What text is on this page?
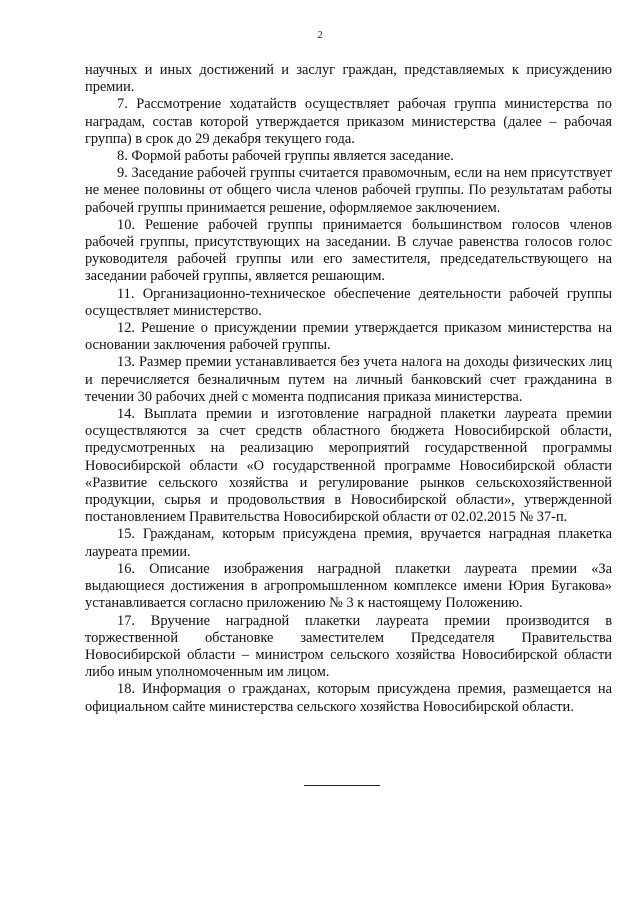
2

научных и иных достижений и заслуг граждан, представляемых к присуждению премии.

7. Рассмотрение ходатайств осуществляет рабочая группа министерства по наградам, состав которой утверждается приказом министерства (далее – рабочая группа) в срок до 29 декабря текущего года.

8. Формой работы рабочей группы является заседание.

9. Заседание рабочей группы считается правомочным, если на нем присутствует не менее половины от общего числа членов рабочей группы. По результатам работы рабочей группы принимается решение, оформляемое заключением.

10. Решение рабочей группы принимается большинством голосов членов рабочей группы, присутствующих на заседании. В случае равенства голосов голос руководителя рабочей группы или его заместителя, председательствующего на заседании рабочей группы, является решающим.

11. Организационно-техническое обеспечение деятельности рабочей группы осуществляет министерство.

12. Решение о присуждении премии утверждается приказом министерства на основании заключения рабочей группы.

13. Размер премии устанавливается без учета налога на доходы физических лиц и перечисляется безналичным путем на личный банковский счет гражданина в течении 30 рабочих дней с момента подписания приказа министерства.

14. Выплата премии и изготовление наградной плакетки лауреата премии осуществляются за счет средств областного бюджета Новосибирской области, предусмотренных на реализацию мероприятий государственной программы Новосибирской области «О государственной программе Новосибирской области «Развитие сельского хозяйства и регулирование рынков сельскохозяйственной продукции, сырья и продовольствия в Новосибирской области», утвержденной постановлением Правительства Новосибирской области от 02.02.2015 № 37-п.

15. Гражданам, которым присуждена премия, вручается наградная плакетка лауреата премии.

16. Описание изображения наградной плакетки лауреата премии «За выдающиеся достижения в агропромышленном комплексе имени Юрия Бугакова» устанавливается согласно приложению № 3 к настоящему Положению.

17. Вручение наградной плакетки лауреата премии производится в торжественной обстановке заместителем Председателя Правительства Новосибирской области – министром сельского хозяйства Новосибирской области либо иным уполномоченным им лицом.

18. Информация о гражданах, которым присуждена премия, размещается на официальном сайте министерства сельского хозяйства Новосибирской области.
